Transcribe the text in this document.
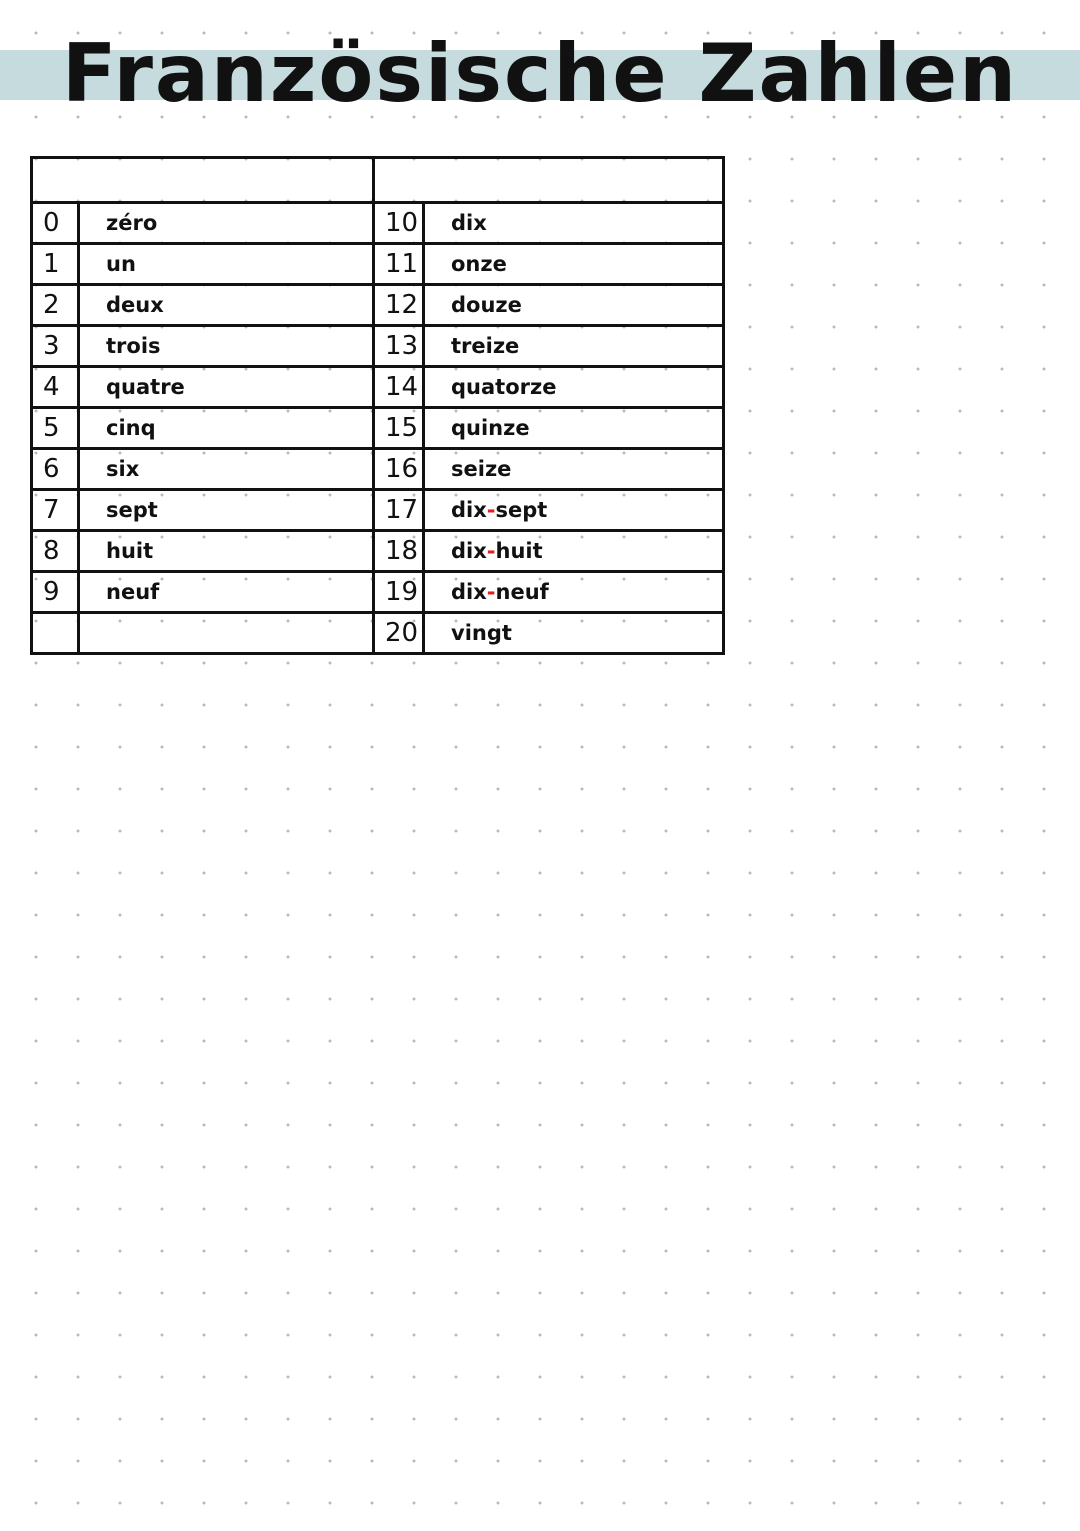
Französische Zahlen

0	zéro	10	dix
1	un	11	onze
2	deux	12	douze
3	trois	13	treize
4	quatre	14	quatorze
5	cinq	15	quinze
6	six	16	seize
7	sept	17	dix-sept
8	huit	18	dix-huit
9	neuf	19	dix-neuf
		20	vingt
